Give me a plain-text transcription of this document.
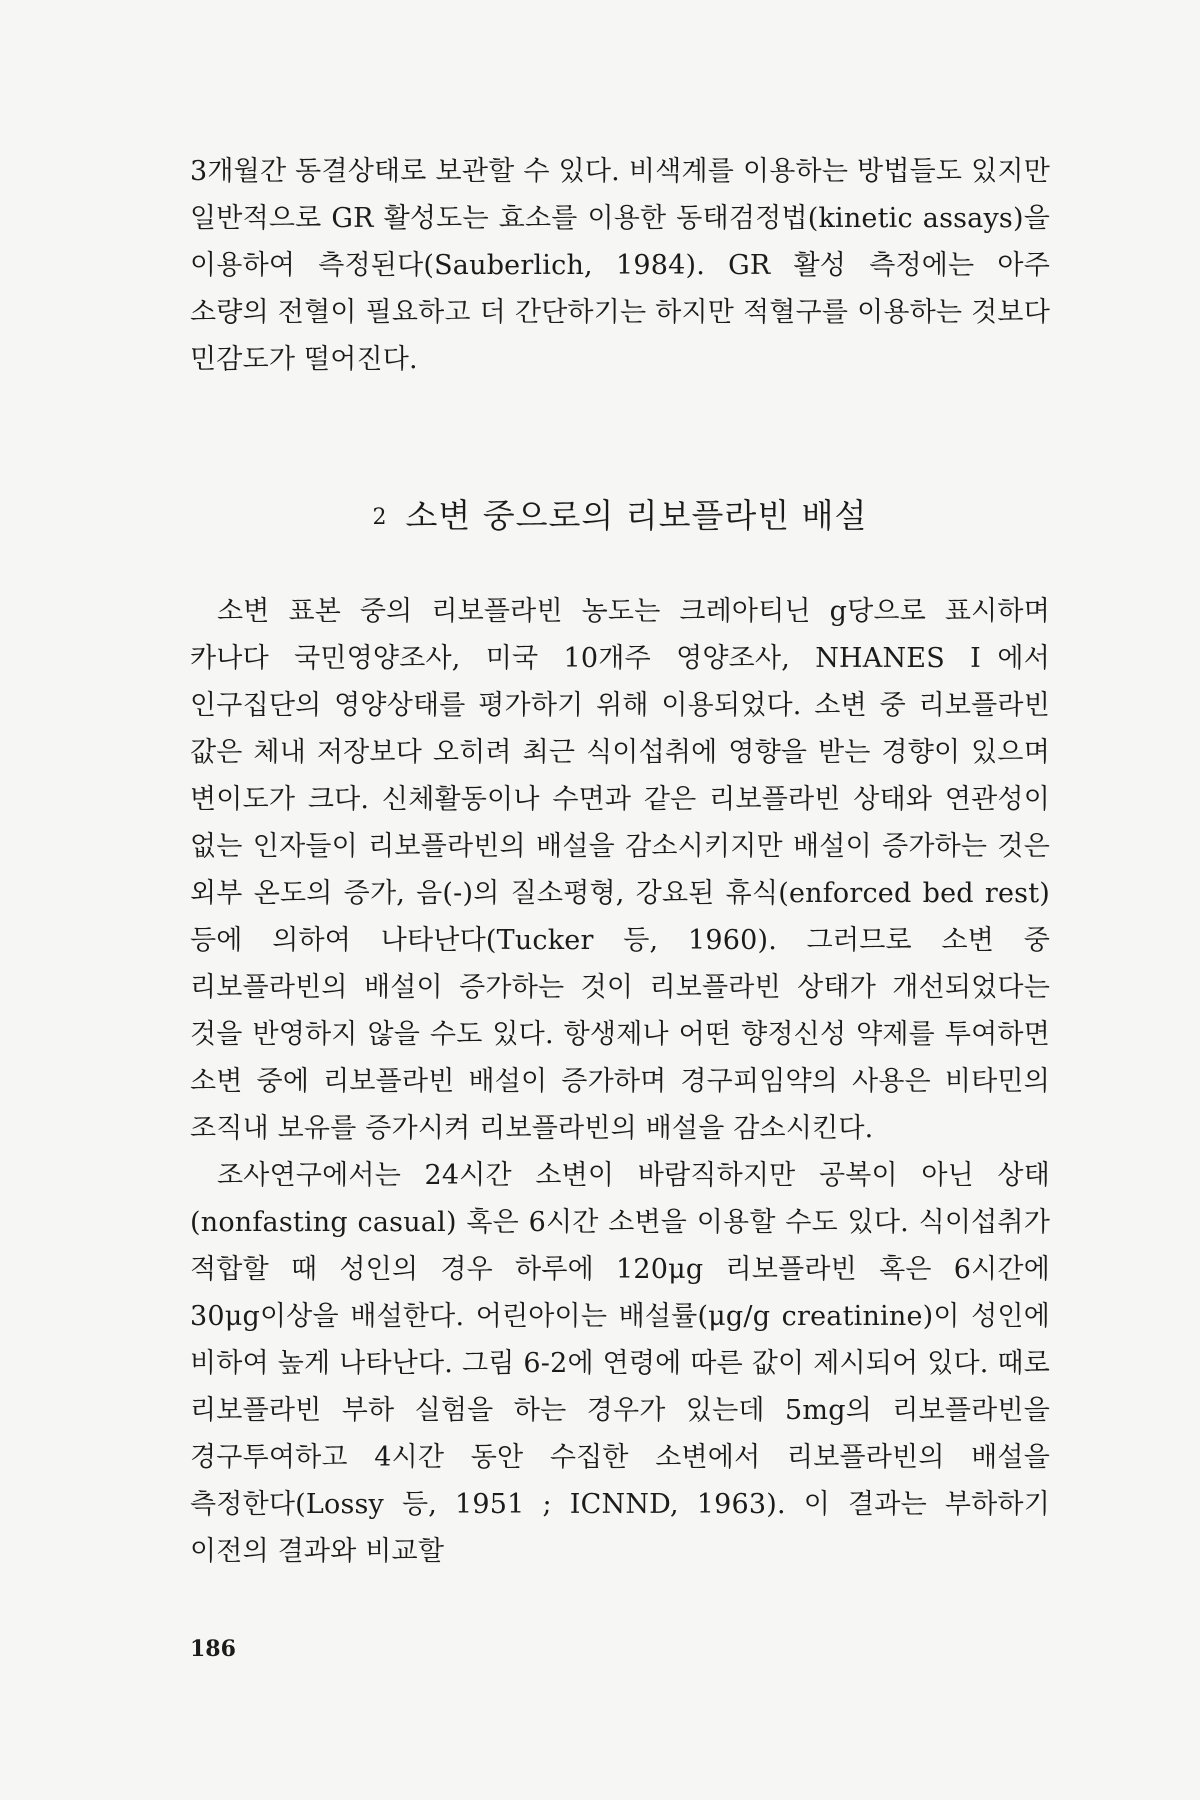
3개월간 동결상태로 보관할 수 있다. 비색계를 이용하는 방법들도 있지만 일반적으로 GR 활성도는 효소를 이용한 동태검정법(kinetic assays)을 이용하여 측정된다(Sauberlich, 1984). GR 활성 측정에는 아주 소량의 전혈이 필요하고 더 간단하기는 하지만 적혈구를 이용하는 것보다 민감도가 떨어진다.
2 소변 중으로의 리보플라빈 배설

소변 표본 중의 리보플라빈 농도는 크레아티닌 g당으로 표시하며 카나다 국민영양조사, 미국 10개주 영양조사, NHANES Ⅰ에서 인구집단의 영양상태를 평가하기 위해 이용되었다. 소변 중 리보플라빈 값은 체내 저장보다 오히려 최근 식이섭취에 영향을 받는 경향이 있으며 변이도가 크다. 신체활동이나 수면과 같은 리보플라빈 상태와 연관성이 없는 인자들이 리보플라빈의 배설을 감소시키지만 배설이 증가하는 것은 외부 온도의 증가, 음(-)의 질소평형, 강요된 휴식(enforced bed rest) 등에 의하여 나타난다(Tucker 등, 1960). 그러므로 소변 중 리보플라빈의 배설이 증가하는 것이 리보플라빈 상태가 개선되었다는 것을 반영하지 않을 수도 있다. 항생제나 어떤 향정신성 약제를 투여하면 소변 중에 리보플라빈 배설이 증가하며 경구피임약의 사용은 비타민의 조직내 보유를 증가시켜 리보플라빈의 배설을 감소시킨다.

조사연구에서는 24시간 소변이 바람직하지만 공복이 아닌 상태(nonfasting casual) 혹은 6시간 소변을 이용할 수도 있다. 식이섭취가 적합할 때 성인의 경우 하루에 120μg 리보플라빈 혹은 6시간에 30μg이상을 배설한다. 어린아이는 배설률(μg/g creatinine)이 성인에 비하여 높게 나타난다. 그림 6-2에 연령에 따른 값이 제시되어 있다. 때로 리보플라빈 부하 실험을 하는 경우가 있는데 5mg의 리보플라빈을 경구투여하고 4시간 동안 수집한 소변에서 리보플라빈의 배설을 측정한다(Lossy 등, 1951 ; ICNND, 1963). 이 결과는 부하하기 이전의 결과와 비교할

186
